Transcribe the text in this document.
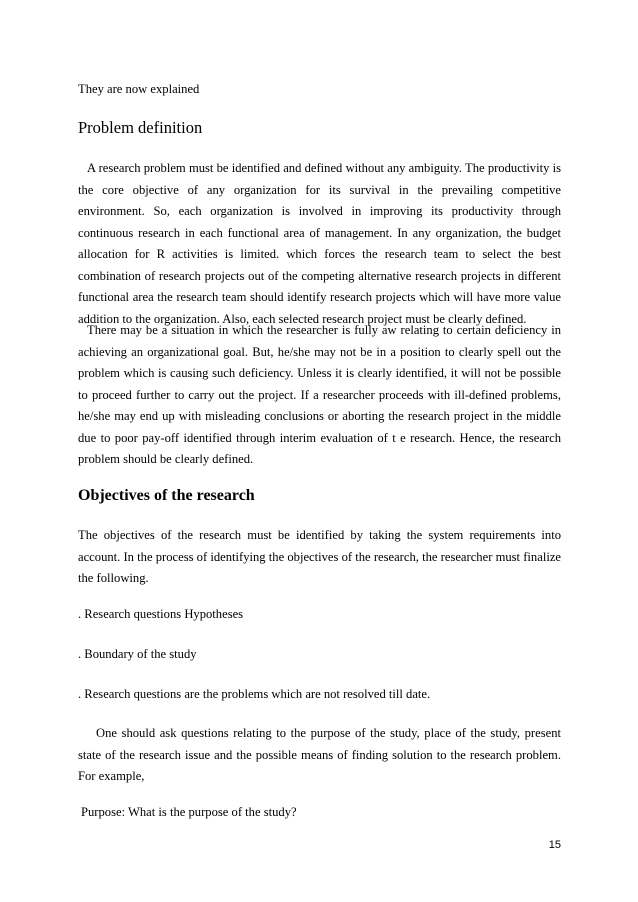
They are now explained

Problem definition

A research problem must be identified and defined without any ambiguity. The productivity is the core objective of any organization for its survival in the prevailing competitive environment. So, each organization is involved in improving its productivity through continuous research in each functional area of management. In any organization, the budget allocation for R activities is limited. which forces the research team to select the best combination of research projects out of the competing alternative research projects in different functional area the research team should identify research projects which will have more value addition to the organization. Also, each selected research project must be clearly defined.

There may be a situation in which the researcher is fully aw relating to certain deficiency in achieving an organizational goal. But, he/she may not be in a position to clearly spell out the problem which is causing such deficiency. Unless it is clearly identified, it will not be possible to proceed further to carry out the project. If a researcher proceeds with ill-defined problems, he/she may end up with misleading conclusions or aborting the research project in the middle due to poor pay-off identified through interim evaluation of t e research. Hence, the research problem should be clearly defined.

Objectives of the research

The objectives of the research must be identified by taking the system requirements into account. In the process of identifying the objectives of the research, the researcher must finalize the following.

. Research questions Hypotheses

. Boundary of the study

. Research questions are the problems which are not resolved till date.

One should ask questions relating to the purpose of the study, place of the study, present state of the research issue and the possible means of finding solution to the research problem. For example,

Purpose: What is the purpose of the study?

15
